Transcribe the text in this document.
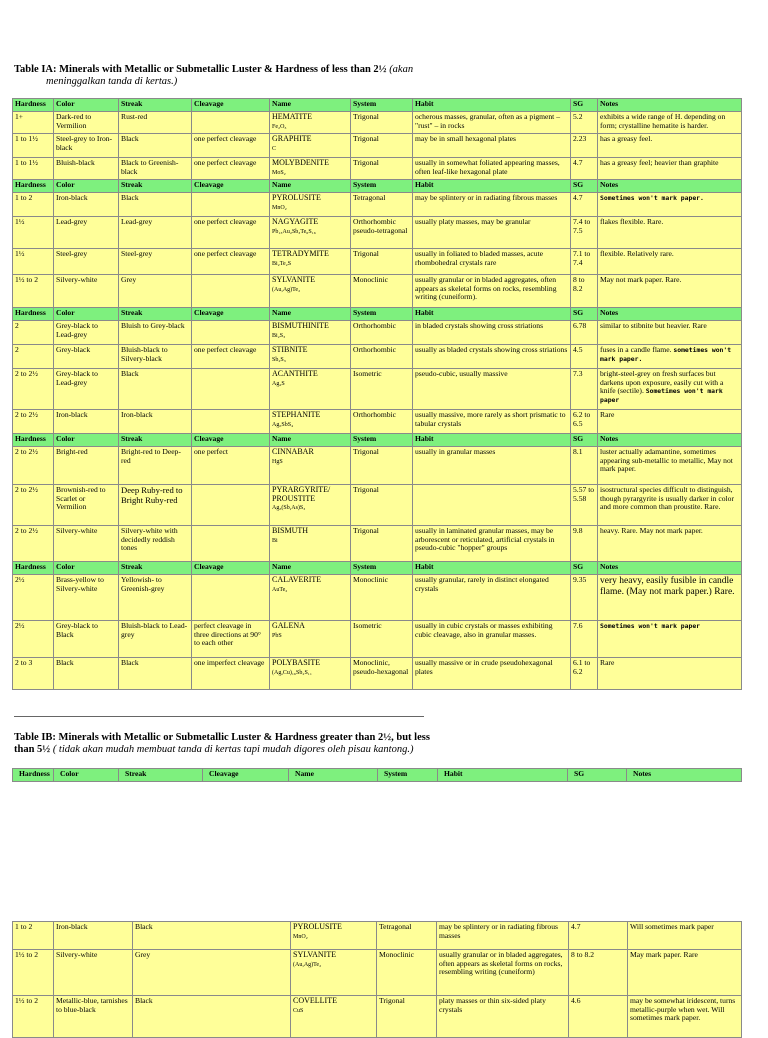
Table IA: Minerals with Metallic or Submetallic Luster & Hardness of less than 2½ (akan
meninggalkan tanda di kertas.)
Hardness	Color	Streak	Cleavage	Name	System	Habit	SG	Notes
1+	Dark-red to Vermilion	Rust-red		HEMATITE
Fe₂O₃	Trigonal	ocherous masses, granular, often as a pigment – "rust" – in rocks	5.2	exhibits a wide range of H. depending on form; crystalline hematite is harder.
1 to 1½	Steel-grey to Iron-black	Black	one perfect cleavage	GRAPHITE
C	Trigonal	may be in small hexagonal plates	2.23	has a greasy feel.
1 to 1½	Bluish-black	Black to Greenish-black	one perfect cleavage	MOLYBDENITE
MoS₂	Trigonal	usually in somewhat foliated appearing masses, often leaf-like hexagonal plate	4.7	has a greasy feel; heavier than graphite
Hardness	Color	Streak	Cleavage	Name	System	Habit	SG	Notes
1 to 2	Iron-black	Black		PYROLUSITE
MnO₂	Tetragonal	may be splintery or in radiating fibrous masses	4.7	Sometimes won't mark paper.
1½	Lead-grey	Lead-grey	one perfect cleavage	NAGYAGITE
Pb₁₃Au₂Sb₃Te₆S₁₆	Orthorhombic pseudo-tetragonal	usually platy masses, may be granular	7.4 to 7.5	flakes flexible. Rare.
1½	Steel-grey	Steel-grey	one perfect cleavage	TETRADYMITE
Bi₂Te₂S	Trigonal	usually in foliated to bladed masses, acute rhombohedral crystals rare	7.1 to 7.4	flexible. Relatively rare.
1½ to 2	Silvery-white	Grey		SYLVANITE
(Au,Ag)Te₂	Monoclinic	usually granular or in bladed aggregates, often appears as skeletal forms on rocks, resembling writing (cuneiform).	8 to 8.2	May not mark paper. Rare.
Hardness	Color	Streak	Cleavage	Name	System	Habit	SG	Notes
2	Grey-black to Lead-grey	Bluish to Grey-black		BISMUTHINITE
Bi₂S₃	Orthorhombic	in bladed crystals showing cross striations	6.78	similar to stibnite but heavier. Rare
2	Grey-black	Bluish-black to Silvery-black	one perfect cleavage	STIBNITE
Sb₂S₃	Orthorhombic	usually as bladed crystals showing cross striations	4.5	fuses in a candle flame. sometimes won't mark paper.
2 to 2½	Grey-black to Lead-grey	Black		ACANTHITE
Ag₂S	Isometric	pseudo-cubic, usually massive	7.3	bright-steel-grey on fresh surfaces but darkens upon exposure, easily cut with a knife (sectile). Sometimes won't mark paper
2 to 2½	Iron-black	Iron-black		STEPHANITE
Ag₅SbS₄	Orthorhombic	usually massive, more rarely as short prismatic to tabular crystals	6.2 to 6.5	Rare
Hardness	Color	Streak	Cleavage	Name	System	Habit	SG	Notes
2 to 2½	Bright-red	Bright-red to Deep-red	one perfect	CINNABAR
HgS	Trigonal	usually in granular masses	8.1	luster actually adamantine, sometimes appearing sub-metallic to metallic, May not mark paper.
2 to 2½	Brownish-red to Scarlet or Vermilion	Deep Ruby-red to Bright Ruby-red		PYRARGYRITE/ PROUSTITE
Ag₃(Sb,As)S₃	Trigonal		5.57 to 5.58	isostructural species difficult to distinguish, though pyrargyrite is usually darker in color and more common than proustite. Rare.
2 to 2½	Silvery-white	Silvery-white with decidedly reddish tones		BISMUTH
Bi	Trigonal	usually in laminated granular masses, may be arborescent or reticulated, artificial crystals in pseudo-cubic "hopper" groups	9.8	heavy. Rare. May not mark paper.
Hardness	Color	Streak	Cleavage	Name	System	Habit	SG	Notes
2½	Brass-yellow to Silvery-white	Yellowish- to Greenish-grey		CALAVERITE
AuTe₂	Monoclinic	usually granular, rarely in distinct elongated crystals	9.35	very heavy, easily fusible in candle flame. (May not mark paper.) Rare.
2½	Grey-black to Black	Bluish-black to Lead-grey	perfect cleavage in three directions at 90° to each other	GALENA
PbS	Isometric	usually in cubic crystals or masses exhibiting cubic cleavage, also in granular masses.	7.6	Sometimes won't mark paper
2 to 3	Black	Black	one imperfect cleavage	POLYBASITE
(Ag,Cu)₁₆Sb₂S₁₁	Monoclinic, pseudo-hexagonal	usually massive or in crude pseudohexagonal plates	6.1 to 6.2	Rare
Table IB: Minerals with Metallic or Submetallic Luster & Hardness greater than 2½, but less than 5½ ( tidak akan mudah membuat tanda di kertas tapi mudah digores oleh pisau kantong.)
Hardness	Color	Streak	Cleavage	Name	System	Habit	SG	Notes
1 to 2	Iron-black	Black		PYROLUSITE
MnO₂	Tetragonal	may be splintery or in radiating fibrous masses	4.7	Will sometimes mark paper
1½ to 2	Silvery-white	Grey		SYLVANITE
(Au,Ag)Te₂	Monoclinic	usually granular or in bladed aggregates, often appears as skeletal forms on rocks, resembling writing (cuneiform)	8 to 8.2	May mark paper. Rare
1½ to 2	Metallic-blue, tarnishes to blue-black	Black		COVELLITE
CuS	Trigonal	platy masses or thin six-sided platy crystals	4.6	may be somewhat iridescent, turns metallic-purple when wet. Will sometimes mark paper.
